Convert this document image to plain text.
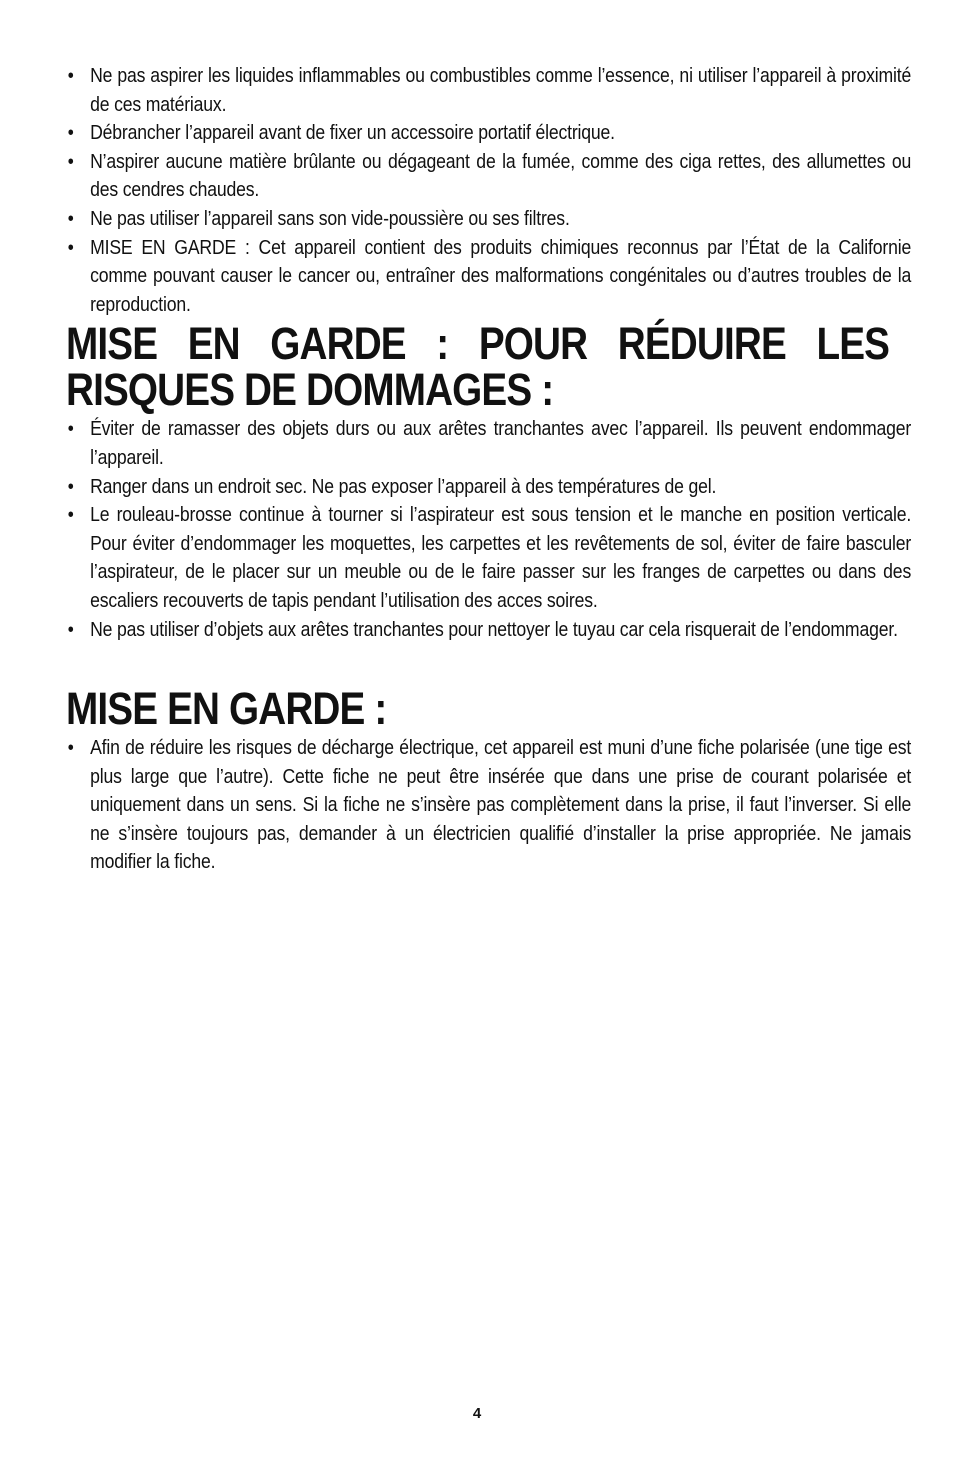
• Ne pas aspirer les liquides inflammables ou combustibles comme l’essence, ni utiliser l’appareil à proximité de ces matériaux.
• Débrancher l’appareil avant de fixer un accessoire portatif électrique.
• N’aspirer aucune matière brûlante ou dégageant de la fumée, comme des ciga rettes, des allumettes ou des cendres chaudes.
• Ne pas utiliser l’appareil sans son vide-poussière ou ses filtres.
• MISE EN GARDE : Cet appareil contient des produits chimiques reconnus par l’État de la Californie comme pouvant causer le cancer ou, entraîner des malformations congénitales ou d’autres troubles de la reproduction.
MISE EN GARDE : POUR RÉDUIRE LES
RISQUES DE DOMMAGES :
• Éviter de ramasser des objets durs ou aux arêtes tranchantes avec l’appareil. Ils peuvent endommager l’appareil.
• Ranger dans un endroit sec. Ne pas exposer l’appareil à des températures de gel.
• Le rouleau-brosse continue à tourner si l’aspirateur est sous tension et le manche en position verticale. Pour éviter d’endommager les moquettes, les carpettes et les revêtements de sol, éviter de faire basculer l’aspirateur, de le placer sur un meuble ou de le faire passer sur les franges de carpettes ou dans des escaliers recouverts de tapis pendant l’utilisation des acces soires.
• Ne pas utiliser d’objets aux arêtes tranchantes pour nettoyer le tuyau car cela risquerait de l’endommager.
MISE EN GARDE :
• Afin de réduire les risques de décharge électrique, cet appareil est muni d’une fiche polarisée (une tige est plus large que l’autre). Cette fiche ne peut être insérée que dans une prise de courant polarisée et uniquement dans un sens. Si la fiche ne s’insère pas complètement dans la prise, il faut l’inverser. Si elle ne s’insère toujours pas, demander à un électricien qualifié d’installer la prise appropriée. Ne jamais modifier la fiche.
4
